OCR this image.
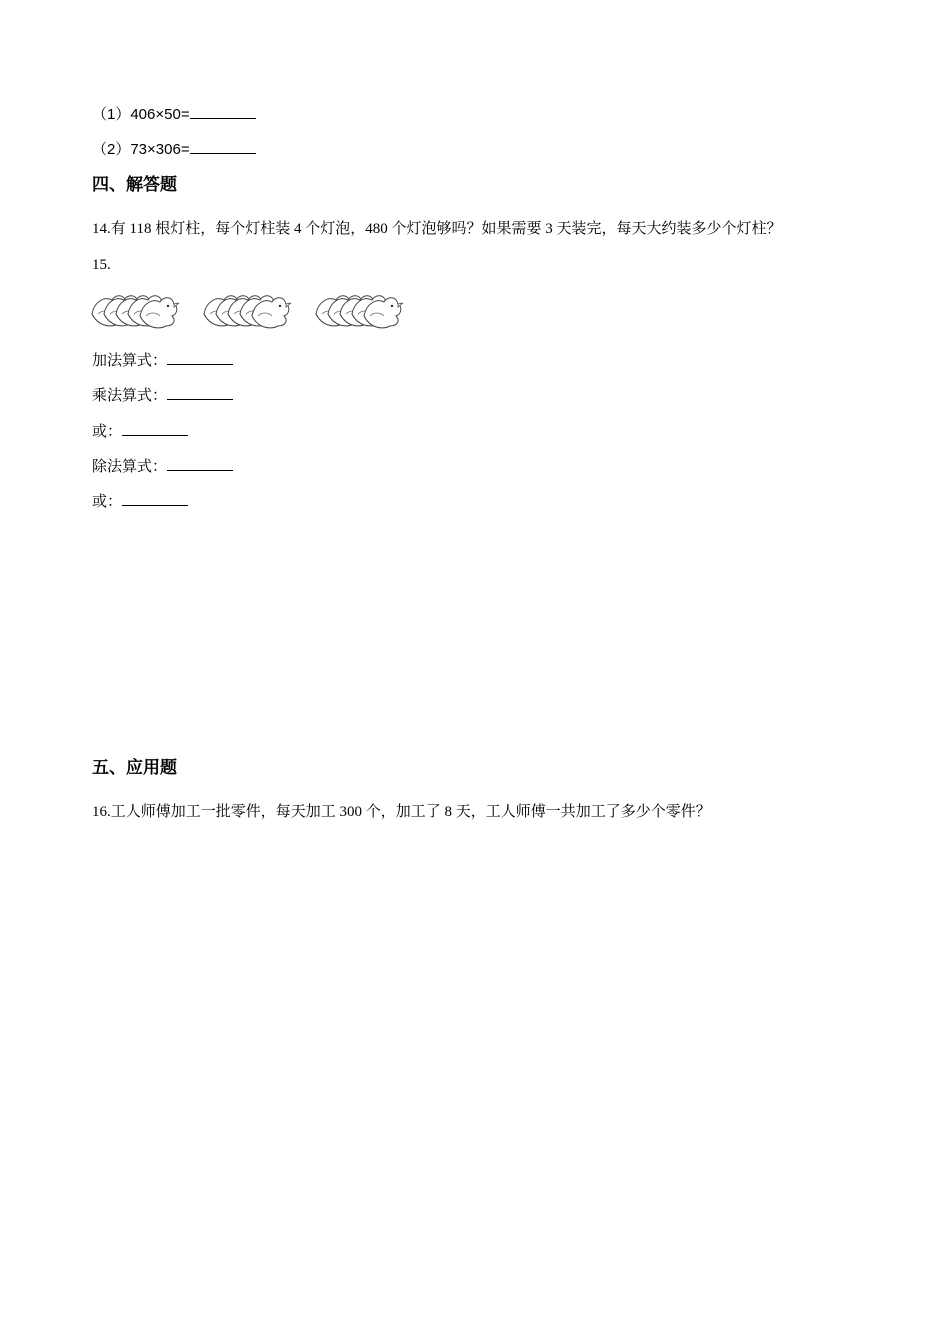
（1）406×50=
（2）73×306=
四、解答题
14.有 118 根灯柱，每个灯柱装 4 个灯泡，480 个灯泡够吗？如果需要 3 天装完，每天大约装多少个灯柱？
15.
加法算式：
乘法算式：
或：
除法算式：
或：
五、应用题
16.工人师傅加工一批零件，每天加工 300 个，加工了 8 天，工人师傅一共加工了多少个零件？
